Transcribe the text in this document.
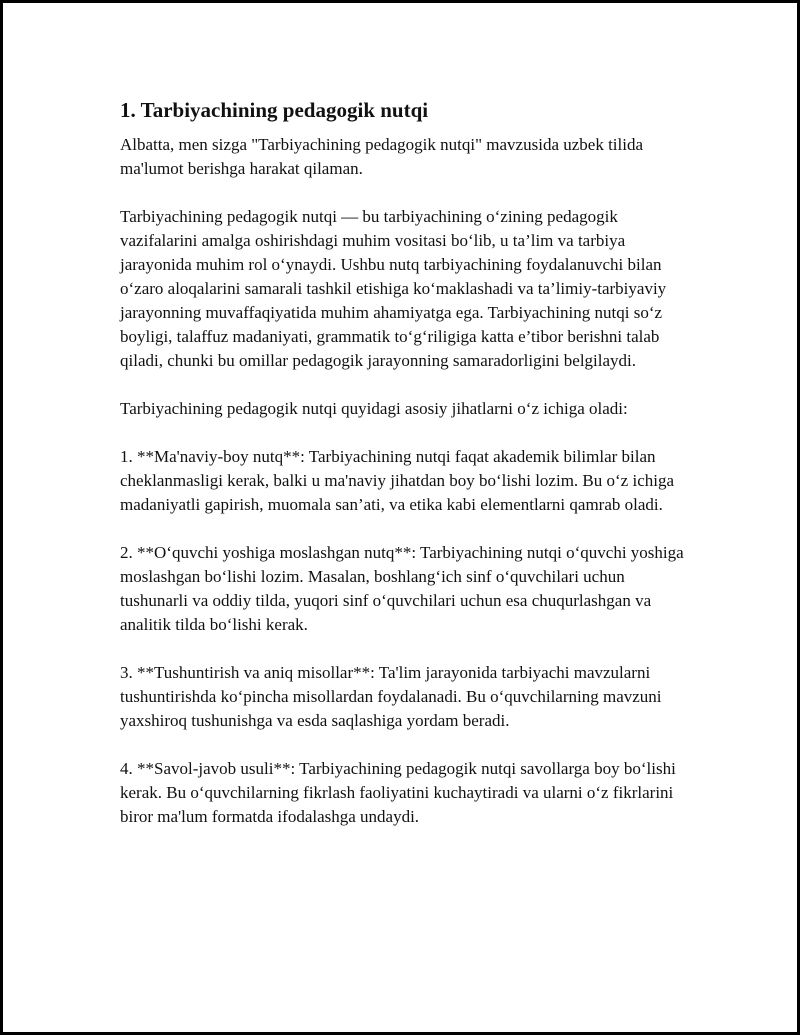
1. Tarbiyachining pedagogik nutqi

Albatta, men sizga "Tarbiyachining pedagogik nutqi" mavzusida uzbek tilida ma'lumot berishga harakat qilaman.

Tarbiyachining pedagogik nutqi — bu tarbiyachining o‘zining pedagogik vazifalarini amalga oshirishdagi muhim vositasi bo‘lib, u ta’lim va tarbiya jarayonida muhim rol o‘ynaydi. Ushbu nutq tarbiyachining foydalanuvchi bilan o‘zaro aloqalarini samarali tashkil etishiga ko‘maklashadi va ta’limiy-tarbiyaviy jarayonning muvaffaqiyatida muhim ahamiyatga ega. Tarbiyachining nutqi so‘z boyligi, talaffuz madaniyati, grammatik to‘g‘riligiga katta e’tibor berishni talab qiladi, chunki bu omillar pedagogik jarayonning samaradorligini belgilaydi.

Tarbiyachining pedagogik nutqi quyidagi asosiy jihatlarni o‘z ichiga oladi:

1. **Ma'naviy-boy nutq**: Tarbiyachining nutqi faqat akademik bilimlar bilan cheklanmasligi kerak, balki u ma'naviy jihatdan boy bo‘lishi lozim. Bu o‘z ichiga madaniyatli gapirish, muomala san’ati, va etika kabi elementlarni qamrab oladi.

2. **O‘quvchi yoshiga moslashgan nutq**: Tarbiyachining nutqi o‘quvchi yoshiga moslashgan bo‘lishi lozim. Masalan, boshlang‘ich sinf o‘quvchilari uchun tushunarli va oddiy tilda, yuqori sinf o‘quvchilari uchun esa chuqurlashgan va analitik tilda bo‘lishi kerak.

3. **Tushuntirish va aniq misollar**: Ta'lim jarayonida tarbiyachi mavzularni tushuntirishda ko‘pincha misollardan foydalanadi. Bu o‘quvchilarning mavzuni yaxshiroq tushunishga va esda saqlashiga yordam beradi.

4. **Savol-javob usuli**: Tarbiyachining pedagogik nutqi savollarga boy bo‘lishi kerak. Bu o‘quvchilarning fikrlash faoliyatini kuchaytiradi va ularni o‘z fikrlarini biror ma'lum formatda ifodalashga undaydi.
